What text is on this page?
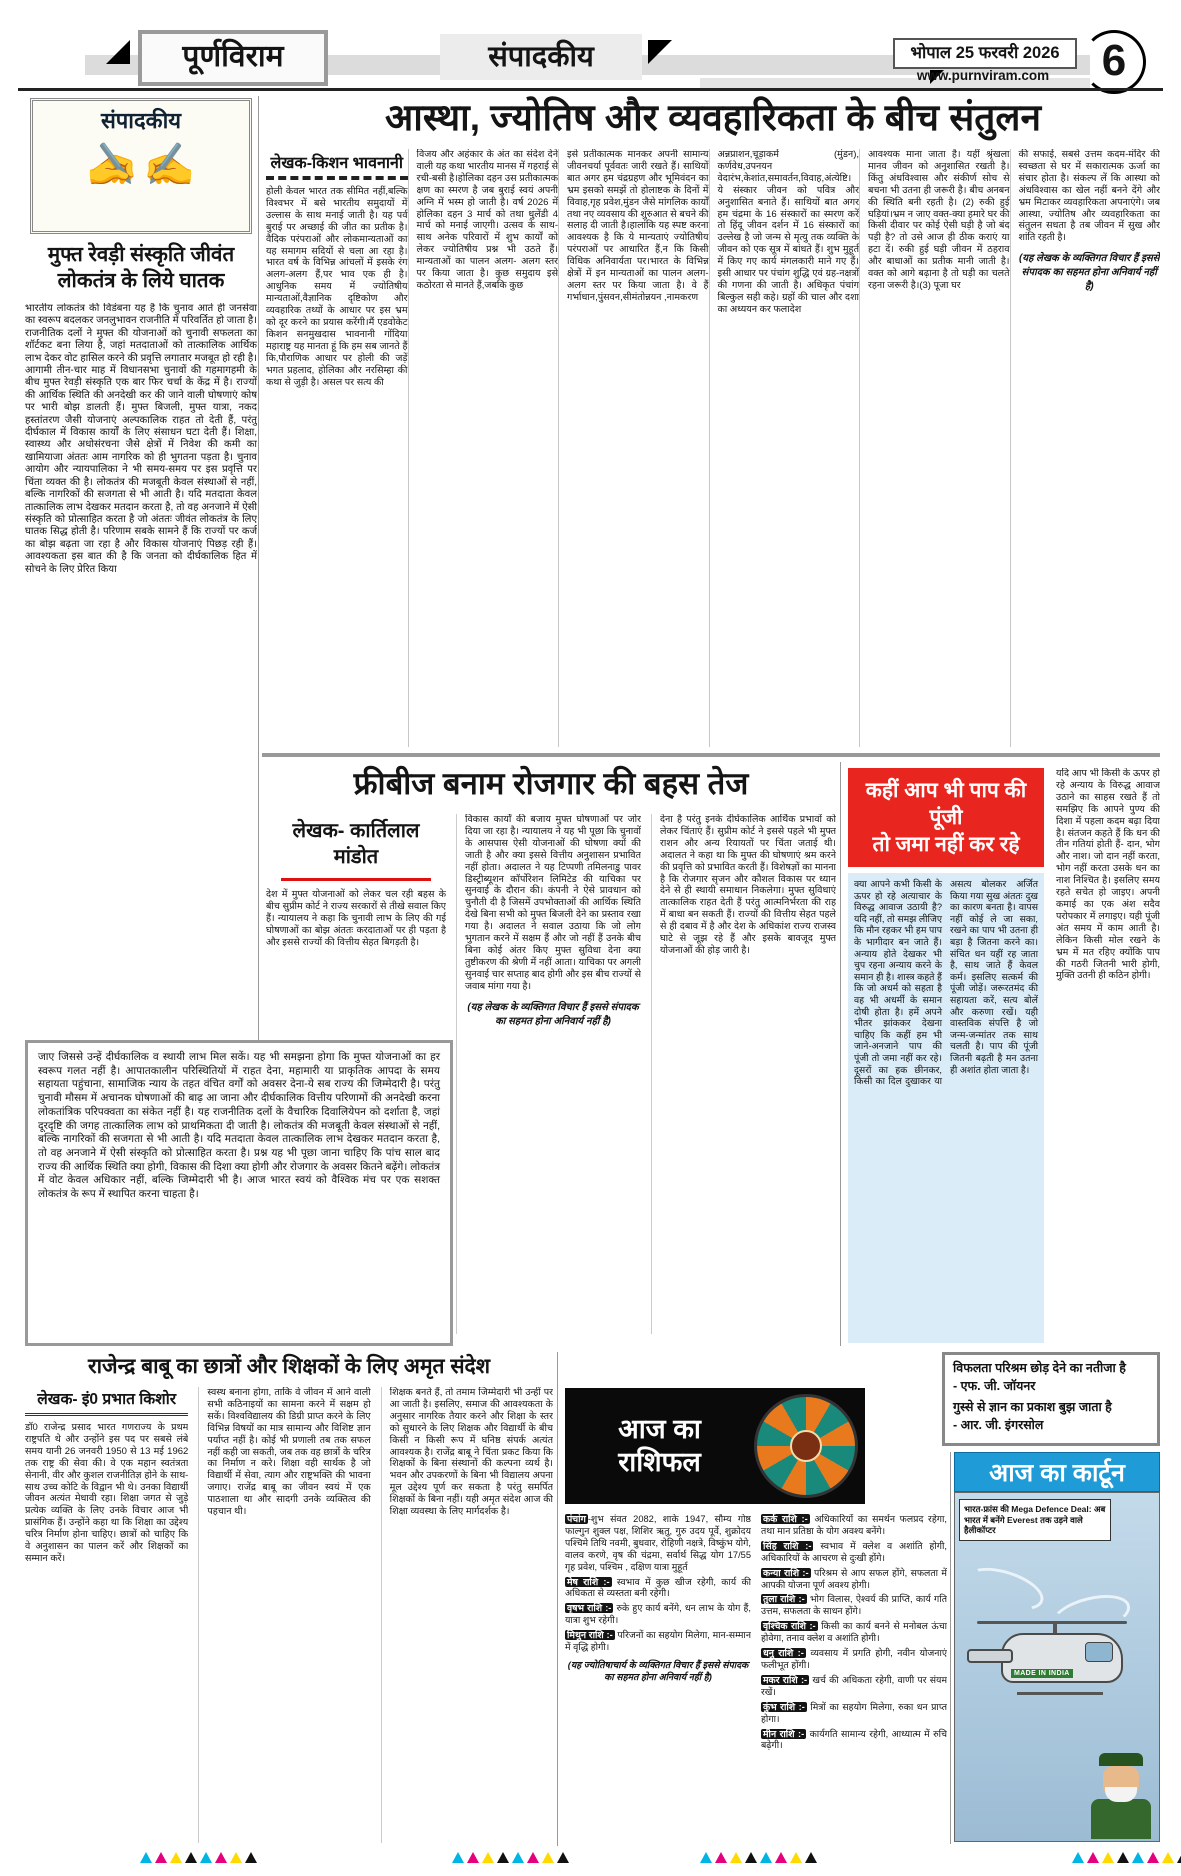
पूर्णविराम	संपादकीय	भोपाल 25 फरवरी 2026
www.purnviram.com	6
संपादकीय
✍ ✍
मुफ्त रेवड़ी संस्कृति जीवंत
लोकतंत्र के लिये घातक
भारतीय लोकतंत्र की विडंबना यह है कि चुनाव आते ही जनसेवा का स्वरूप बदलकर जनलुभावन राजनीति में परिवर्तित हो जाता है। राजनीतिक दलों ने मुफ्त की योजनाओं को चुनावी सफलता का शॉर्टकट बना लिया है, जहां मतदाताओं को तात्कालिक आर्थिक लाभ देकर वोट हासिल करने की प्रवृत्ति लगातार मजबूत हो रही है। आगामी तीन-चार माह में विधानसभा चुनावों की गहमागहमी के बीच मुफ्त रेवड़ी संस्कृति एक बार फिर चर्चा के केंद्र में है। राज्यों की आर्थिक स्थिति की अनदेखी कर की जाने वाली घोषणाएं कोष पर भारी बोझ डालती हैं। मुफ्त बिजली, मुफ्त यात्रा, नकद हस्तांतरण जैसी योजनाएं अल्पकालिक राहत तो देती हैं, परंतु दीर्घकाल में विकास कार्यों के लिए संसाधन घटा देती हैं। शिक्षा, स्वास्थ्य और अधोसंरचना जैसे क्षेत्रों में निवेश की कमी का खामियाजा अंततः आम नागरिक को ही भुगतना पड़ता है। चुनाव आयोग और न्यायपालिका ने भी समय-समय पर इस प्रवृत्ति पर चिंता व्यक्त की है। लोकतंत्र की मजबूती केवल संस्थाओं से नहीं, बल्कि नागरिकों की सजगता से भी आती है। यदि मतदाता केवल तात्कालिक लाभ देखकर मतदान करता है, तो वह अनजाने में ऐसी संस्कृति को प्रोत्साहित करता है जो अंततः जीवंत लोकतंत्र के लिए घातक सिद्ध होती है। परिणाम सबके सामने हैं कि राज्यों पर कर्ज का बोझ बढ़ता जा रहा है और विकास योजनाएं पिछड़ रही हैं। आवश्यकता इस बात की है कि जनता को दीर्घकालिक हित में सोचने के लिए प्रेरित किया
जाए जिससे उन्हें दीर्घकालिक व स्थायी लाभ मिल सकें। यह भी समझना होगा कि मुफ्त योजनाओं का हर स्वरूप गलत नहीं है। आपातकालीन परिस्थितियों में राहत देना, महामारी या प्राकृतिक आपदा के समय सहायता पहुंचाना, सामाजिक न्याय के तहत वंचित वर्गों को अवसर देना-ये सब राज्य की जिम्मेदारी है। परंतु चुनावी मौसम में अचानक घोषणाओं की बाढ़ आ जाना और दीर्घकालिक वित्तीय परिणामों की अनदेखी करना लोकतांत्रिक परिपक्वता का संकेत नहीं है। यह राजनीतिक दलों के वैचारिक दिवालियेपन को दर्शाता है, जहां दूरदृष्टि की जगह तात्कालिक लाभ को प्राथमिकता दी जाती है। लोकतंत्र की मजबूती केवल संस्थाओं से नहीं, बल्कि नागरिकों की सजगता से भी आती है। यदि मतदाता केवल तात्कालिक लाभ देखकर मतदान करता है, तो वह अनजाने में ऐसी संस्कृति को प्रोत्साहित करता है। प्रश्न यह भी पूछा जाना चाहिए कि पांच साल बाद राज्य की आर्थिक स्थिति क्या होगी, विकास की दिशा क्या होगी और रोजगार के अवसर कितने बढ़ेंगे। लोकतंत्र में वोट केवल अधिकार नहीं, बल्कि जिम्मेदारी भी है। आज भारत स्वयं को वैश्विक मंच पर एक सशक्त लोकतंत्र के रूप में स्थापित करना चाहता है।
आस्था, ज्योतिष और व्यवहारिकता के बीच संतुलन
लेखक-किशन भावनानी
होली केवल भारत तक सीमित नहीं,बल्कि विश्वभर में बसे भारतीय समुदायों में उल्लास के साथ मनाई जाती है। यह पर्व बुराई पर अच्छाई की जीत का प्रतीक है। वैदिक परंपराओं और लोकमान्यताओं का यह समागम सदियों से चला आ रहा है। भारत वर्ष के विभिन्न आंचलों में इसके रंग अलग-अलग हैं,पर भाव एक ही है। आधुनिक समय में ज्योतिषीय मान्यताओं,वैज्ञानिक दृष्टिकोण और व्यवहारिक तथ्यों के आधार पर इस भ्रम को दूर करने का प्रयास करेंगी।मैं एडवोकेट किशन सनमुखदास भावनानी गोंदिया महाराष्ट्र यह मानता हूं कि हम सब जानते हैं कि,पौराणिक आधार पर होली की जड़ें भगत प्रहलाद, होलिका और नरसिम्हा की कथा से जुड़ी है। असल पर सत्य की
विजय और अहंकार के अंत का संदेश देने वाली यह कथा भारतीय मानस में गहराई से रची-बसी है।होलिका दहन उस प्रतीकात्मक क्षण का स्मरण है जब बुराई स्वयं अपनी अग्नि में भस्म हो जाती है। वर्ष 2026 में होलिका दहन 3 मार्च को तथा धुलेंडी 4 मार्च को मनाई जाएगी। उत्सव के साथ-साथ अनेक परिवारों में शुभ कार्यों को लेकर ज्योतिषीय प्रश्न भी उठते हैं। मान्यताओं का पालन अलग- अलग स्तर पर किया जाता है। कुछ समुदाय इसे कठोरता से मानते हैं,जबकि कुछ
इसे प्रतीकात्मक मानकर अपनी सामान्य जीवनचर्या पूर्ववतः जारी रखते हैं। साथियों बात अगर हम चंद्रग्रहण और भूमिवंदन का भ्रम इसको समझें तो होलाष्टक के दिनों में विवाह,गृह प्रवेश,मुंडन जैसे मांगलिक कार्यों तथा नए व्यवसाय की शुरुआत से बचने की सलाह दी जाती है।हालांकि यह स्पष्ट करना आवश्यक है कि ये मान्यताएं ज्योतिषीय परंपराओं पर आधारित हैं,न कि किसी विधिक अनिवार्यता पर।भारत के विभिन्न क्षेत्रों में इन मान्यताओं का पालन अलग- अलग स्तर पर किया जाता है। वे हैं गर्भाधान,पुंसवन,सीमंतोन्नयन ,नामकरण
अन्नप्राशन,चूड़ाकर्म (मुंडन), कर्णवेध,उपनयन वेदारंभ,केशांत,समावर्तन,विवाह,अंत्येष्टि। ये संस्कार जीवन को पवित्र और अनुशासित बनाते हैं। साथियों बात अगर हम चंद्रमा के 16 संस्कारों का स्मरण करें तो हिंदू जीवन दर्शन में 16 संस्कारों का उल्लेख है जो जन्म से मृत्यु तक व्यक्ति के जीवन को एक सूत्र में बांधते हैं। शुभ मुहूर्त में किए गए कार्य मंगलकारी माने गए हैं। इसी आधार पर पंचांग शुद्धि एवं ग्रह-नक्षत्रों की गणना की जाती है। अधिकृत पंचांग बिल्कुल सही कहे। ग्रहों की चाल और दशा का अध्ययन कर फलादेश
आवश्यक माना जाता है। यहीं श्रृंखला मानव जीवन को अनुशासित रखती है। किंतु अंधविश्वास और संकीर्ण सोच से बचना भी उतना ही जरूरी है। बीच अनबन की स्थिति बनी रहती है। (2) रुकी हुई घड़ियां।भ्रम न जाए वक्त-क्या हमारे घर की किसी दीवार पर कोई ऐसी घड़ी है जो बंद पड़ी है? तो उसे आज ही ठीक कराएं या हटा दें। रुकी हुई घड़ी जीवन में ठहराव और बाधाओं का प्रतीक मानी जाती है। वक्त को आगे बढ़ाना है तो घड़ी का चलते रहना जरूरी है।(3) पूजा घर
की सफाई, सबसे उत्तम कदम-मंदिर की स्वच्छता से घर में सकारात्मक ऊर्जा का संचार होता है। संकल्प लें कि आस्था को अंधविश्वास का खेल नहीं बनने देंगे और भ्रम मिटाकर व्यवहारिकता अपनाएंगे। जब आस्था, ज्योतिष और व्यवहारिकता का संतुलन सधता है तब जीवन में सुख और शांति रहती है।
(यह लेखक के व्यक्तिगत विचार हैं इससे संपादक का सहमत होना अनिवार्य नहीं है)
फ्रीबीज बनाम रोजगार की बहस तेज
लेखक- कार्तिलाल
मांडोत
देश में मुफ्त योजनाओं को लेकर चल रही बहस के बीच सुप्रीम कोर्ट ने राज्य सरकारों से तीखे सवाल किए हैं। न्यायालय ने कहा कि चुनावी लाभ के लिए की गई घोषणाओं का बोझ अंततः करदाताओं पर ही पड़ता है और इससे राज्यों की वित्तीय सेहत बिगड़ती है।
विकास कार्यों की बजाय मुफ्त घोषणाओं पर जोर दिया जा रहा है। न्यायालय ने यह भी पूछा कि चुनावों के आसपास ऐसी योजनाओं की घोषणा क्यों की जाती है और क्या इससे वित्तीय अनुशासन प्रभावित नहीं होता। अदालत ने यह टिप्पणी तमिलनाडु पावर डिस्ट्रीब्यूशन कॉर्पोरेशन लिमिटेड की याचिका पर सुनवाई के दौरान की। कंपनी ने ऐसे प्रावधान को चुनौती दी है जिसमें उपभोक्ताओं की आर्थिक स्थिति देखे बिना सभी को मुफ्त बिजली देने का प्रस्ताव रखा गया है। अदालत ने सवाल उठाया कि जो लोग भुगतान करने में सक्षम हैं और जो नहीं हैं उनके बीच बिना कोई अंतर किए मुफ्त सुविधा देना क्या तुष्टीकरण की श्रेणी में नहीं आता। याचिका पर अगली सुनवाई चार सप्ताह बाद होगी और इस बीच राज्यों से जवाब मांगा गया है।
(यह लेखक के व्यक्तिगत विचार हैं इससे संपादक का सहमत होना अनिवार्य नहीं है)
देना है परंतु इनके दीर्घकालिक आर्थिक प्रभावों को लेकर चिंताएं हैं। सुप्रीम कोर्ट ने इससे पहले भी मुफ्त राशन और अन्य रियायतों पर चिंता जताई थी। अदालत ने कहा था कि मुफ्त की घोषणाएं श्रम करने की प्रवृत्ति को प्रभावित करती हैं। विशेषज्ञों का मानना है कि रोजगार सृजन और कौशल विकास पर ध्यान देने से ही स्थायी समाधान निकलेगा। मुफ्त सुविधाएं तात्कालिक राहत देती हैं परंतु आत्मनिर्भरता की राह में बाधा बन सकती हैं। राज्यों की वित्तीय सेहत पहले से ही दबाव में है और देश के अधिकांश राज्य राजस्व घाटे से जूझ रहे हैं और इसके बावजूद मुफ्त योजनाओं की होड़ जारी है।
कहीं आप भी पाप की पूंजी
तो जमा नहीं कर रहे
क्या आपने कभी किसी के ऊपर हो रहे अत्याचार के विरुद्ध आवाज उठायी है? यदि नहीं, तो समझ लीजिए कि मौन रहकर भी हम पाप के भागीदार बन जाते हैं। अन्याय होते देखकर भी चुप रहना अन्याय करने के समान ही है। शास्त्र कहते हैं कि जो अधर्म को सहता है वह भी अधर्मी के समान दोषी होता है। हमें अपने भीतर झांककर देखना चाहिए कि कहीं हम भी जाने-अनजाने पाप की पूंजी तो जमा नहीं कर रहे। दूसरों का हक छीनकर, किसी का दिल दुखाकर या असत्य बोलकर अर्जित किया गया सुख अंततः दुख का कारण बनता है। वापस नहीं कोई ले जा सका, रखने का पाप भी उतना ही बड़ा है जितना करने का। संचित धन यहीं रह जाता है, साथ जाते हैं केवल कर्म। इसलिए सत्कर्म की पूंजी जोड़ें। जरूरतमंद की सहायता करें, सत्य बोलें और करुणा रखें। यही वास्तविक संपत्ति है जो जन्म-जन्मांतर तक साथ चलती है। पाप की पूंजी जितनी बढ़ती है मन उतना ही अशांत होता जाता है।
यदि आप भी किसी के ऊपर हो रहे अन्याय के विरुद्ध आवाज उठाने का साहस रखते हैं तो समझिए कि आपने पुण्य की दिशा में पहला कदम बढ़ा दिया है। संतजन कहते हैं कि धन की तीन गतियां होती हैं- दान, भोग और नाश। जो दान नहीं करता, भोग नहीं करता उसके धन का नाश निश्चित है। इसलिए समय रहते सचेत हो जाइए। अपनी कमाई का एक अंश सदैव परोपकार में लगाइए। यही पूंजी अंत समय में काम आती है। लेकिन किसी मोल रखने के भ्रम में मत रहिए क्योंकि पाप की गठरी जितनी भारी होगी, मुक्ति उतनी ही कठिन होगी।
विफलता परिश्रम छोड़ देने का नतीजा है
- एफ. जी. जॉयनर
गुस्से से ज्ञान का प्रकाश बुझ जाता है
- आर. जी. इंगरसोल
राजेन्द्र बाबू का छात्रों और शिक्षकों के लिए अमृत संदेश
लेखक- इं0 प्रभात किशोर
डॉ0 राजेन्द्र प्रसाद भारत गणराज्य के प्रथम राष्ट्रपति थे और उन्होंने इस पद पर सबसे लंबे समय यानी 26 जनवरी 1950 से 13 मई 1962 तक राष्ट्र की सेवा की। वे एक महान स्वतंत्रता सेनानी, वीर और कुशल राजनीतिज्ञ होने के साथ-साथ उच्च कोटि के विद्वान भी थे। उनका विद्यार्थी जीवन अत्यंत मेधावी रहा। शिक्षा जगत से जुड़े प्रत्येक व्यक्ति के लिए उनके विचार आज भी प्रासंगिक हैं। उन्होंने कहा था कि शिक्षा का उद्देश्य चरित्र निर्माण होना चाहिए। छात्रों को चाहिए कि वे अनुशासन का पालन करें और शिक्षकों का सम्मान करें।
स्वस्थ बनाना होगा, ताकि वे जीवन में आने वाली सभी कठिनाइयों का सामना करने में सक्षम हो सकें। विश्वविद्यालय की डिग्री प्राप्त करने के लिए विभिन्न विषयों का मात्र सामान्य और विशिष्ट ज्ञान पर्याप्त नहीं है। कोई भी प्रणाली तब तक सफल नहीं कही जा सकती, जब तक वह छात्रों के चरित्र का निर्माण न करे। शिक्षा वही सार्थक है जो विद्यार्थी में सेवा, त्याग और राष्ट्रभक्ति की भावना जगाए। राजेंद्र बाबू का जीवन स्वयं में एक पाठशाला था और सादगी उनके व्यक्तित्व की पहचान थी।
शिक्षक बनते हैं, तो तमाम जिम्मेदारी भी उन्हीं पर आ जाती है। इसलिए, समाज की आवश्यकता के अनुसार नागरिक तैयार करने और शिक्षा के स्तर को सुधारने के लिए शिक्षक और विद्यार्थी के बीच किसी न किसी रूप में घनिष्ठ संपर्क अत्यंत आवश्यक है। राजेंद्र बाबू ने चिंता प्रकट किया कि शिक्षकों के बिना संस्थानों की कल्पना व्यर्थ है। भवन और उपकरणों के बिना भी विद्यालय अपना मूल उद्देश्य पूर्ण कर सकता है परंतु समर्पित शिक्षकों के बिना नहीं। यही अमृत संदेश आज की शिक्षा व्यवस्था के लिए मार्गदर्शक है।
आज का
राशिफल

पंचांग -शुभ संवत 2082, शाके 1947, सौम्य गोष्ठ फाल्गुन शुक्ल पक्ष, शिशिर ऋतु, गुरु उदय पूर्वे, शुक्रोदय पश्चिमे तिथि नवमी, बुधवार, रोहिणी नक्षत्रे, विष्कुंभ योगे, वालव करणे, वृष की चंद्रमा, सर्वार्थ सिद्ध योग 17/55 गृह प्रवेश, पश्चिम , दक्षिण यात्रा मुहूर्त

मेष राशि :- स्वभाव में कुछ खीज रहेगी, कार्य की अधिकता से व्यस्तता बनी रहेगी।

वृषभ राशि :- रुके हुए कार्य बनेंगे, धन लाभ के योग हैं, यात्रा शुभ रहेगी।

मिथुन राशि :- परिजनों का सहयोग मिलेगा, मान-सम्मान में वृद्धि होगी।

(यह ज्योतिषाचार्य के व्यक्तिगत विचार हैं इससे संपादक का सहमत होना अनिवार्य नहीं है)

कर्क राशि :- अधिकारियों का समर्थन फलप्रद रहेगा, तथा मान प्रतिष्ठा के योग अवश्य बनेंगे।

सिंह राशि :- स्वभाव में क्लेश व अशांति होगी, अधिकारियों के आचरण से दुःखी होंगे।

कन्या राशि :- परिश्रम से आप सफल होंगे, सफलता में आपकी योजना पूर्ण अवश्य होगी।

तुला राशि :- भोग विलास, ऐश्वर्य की प्राप्ति, कार्य गति उत्तम, सफलता के साधन होंगे।

वृश्चिक राशि :- किसी का कार्य बनने से मनोबल ऊंचा होवेगा, तनाव क्लेश व अशांति होगी।

धनु राशि :- व्यवसाय में प्रगति होगी, नवीन योजनाएं फलीभूत होंगी।

मकर राशि :- खर्च की अधिकता रहेगी, वाणी पर संयम रखें।

कुंभ राशि :- मित्रों का सहयोग मिलेगा, रुका धन प्राप्त होगा।

मीन राशि :- कार्यगति सामान्य रहेगी, आध्यात्म में रुचि बढ़ेगी।

आज का कार्टून
भारत-फ्रांस की Mega Defence Deal: अब भारत में बनेंगे Everest तक उड़ने वाले हैलीकॉप्टर
MADE IN INDIA
